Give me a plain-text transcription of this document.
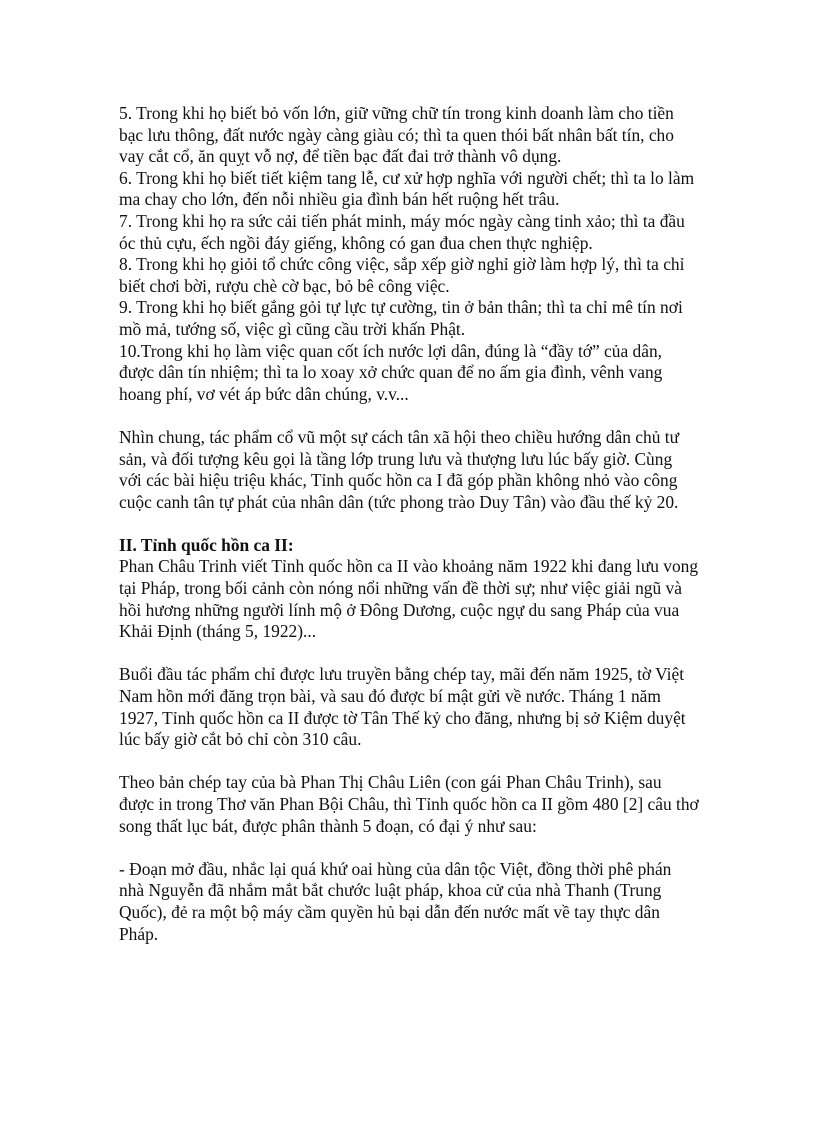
5. Trong khi họ biết bỏ vốn lớn, giữ vững chữ tín trong kinh doanh làm cho tiền bạc lưu thông, đất nước ngày càng giàu có; thì ta quen thói bất nhân bất tín, cho vay cắt cổ, ăn quỵt vỗ nợ, để tiền bạc đất đai trở thành vô dụng.

6. Trong khi họ biết tiết kiệm tang lễ, cư xử hợp nghĩa với người chết; thì ta lo làm ma chay cho lớn, đến nỗi nhiều gia đình bán hết ruộng hết trâu.

7. Trong khi họ ra sức cải tiến phát minh, máy móc ngày càng tinh xảo; thì ta đầu óc thủ cựu, ếch ngồi đáy giếng, không có gan đua chen thực nghiệp.

8. Trong khi họ giỏi tổ chức công việc, sắp xếp giờ nghỉ giờ làm hợp lý, thì ta chỉ biết chơi bời, rượu chè cờ bạc, bỏ bê công việc.

9. Trong khi họ biết gắng gỏi tự lực tự cường, tin ở bản thân; thì ta chỉ mê tín nơi mồ mả, tướng số, việc gì cũng cầu trời khấn Phật.

10.Trong khi họ làm việc quan cốt ích nước lợi dân, đúng là “đầy tớ” của dân, được dân tín nhiệm; thì ta lo xoay xở chức quan để no ấm gia đình, vênh vang hoang phí, vơ vét áp bức dân chúng, v.v...

Nhìn chung, tác phẩm cổ vũ một sự cách tân xã hội theo chiều hướng dân chủ tư sản, và đối tượng kêu gọi là tầng lớp trung lưu và thượng lưu lúc bấy giờ. Cùng với các bài hiệu triệu khác, Tỉnh quốc hồn ca I đã góp phần không nhỏ vào công cuộc canh tân tự phát của nhân dân (tức phong trào Duy Tân) vào đầu thế kỷ 20.

II. Tỉnh quốc hồn ca II:

Phan Châu Trinh viết Tỉnh quốc hồn ca II vào khoảng năm 1922 khi đang lưu vong tại Pháp, trong bối cảnh còn nóng nổi những vấn đề thời sự; như việc giải ngũ và hồi hương những người lính mộ ở Đông Dương, cuộc ngự du sang Pháp của vua Khải Định (tháng 5, 1922)...

Buổi đầu tác phẩm chỉ được lưu truyền bằng chép tay, mãi đến năm 1925, tờ Việt Nam hồn mới đăng trọn bài, và sau đó được bí mật gửi về nước. Tháng 1 năm 1927, Tỉnh quốc hồn ca II được tờ Tân Thế kỷ cho đăng, nhưng bị sở Kiệm duyệt lúc bấy giờ cắt bỏ chỉ còn 310 câu.

Theo bản chép tay của bà Phan Thị Châu Liên (con gái Phan Châu Trinh), sau được in trong Thơ văn Phan Bội Châu, thì Tỉnh quốc hồn ca II gồm 480 [2] câu thơ song thất lục bát, được phân thành 5 đoạn, có đại ý như sau:

- Đoạn mở đầu, nhắc lại quá khứ oai hùng của dân tộc Việt, đồng thời phê phán nhà Nguyễn đã nhắm mắt bắt chước luật pháp, khoa cử của nhà Thanh (Trung Quốc), đẻ ra một bộ máy cầm quyền hủ bại dẫn đến nước mất về tay thực dân Pháp.
